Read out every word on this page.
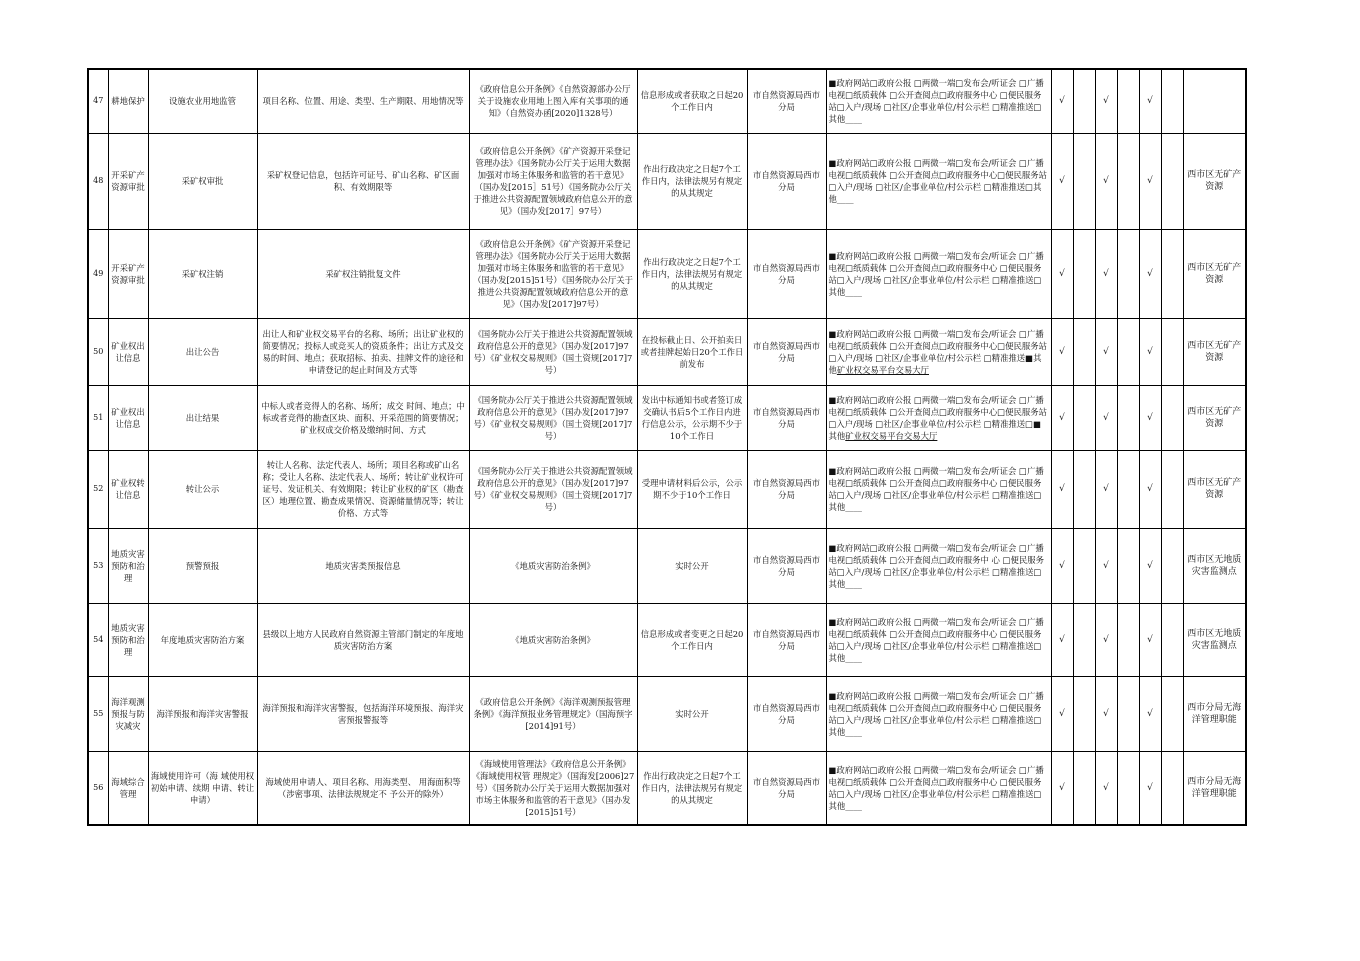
47	耕地保护	设施农业用地监管	项目名称、位置、用途、类型、生产期限、用地情况等	《政府信息公开条例》《自然资源部办公厅关于设施农业用地上图入库有关事项的通知》（自然资办函[2020]1328号）	信息形成或者获取之日起20个工作日内	市自然资源局西市分局	■政府网站□政府公报 □两微一端□发布会/听证会 □广播电视□纸质载体 □公开查阅点□政府服务中心 □便民服务站□入户/现场 □社区/企事业单位/村公示栏 □精准推送□其他____	√		√		√		
48	开采矿产资源审批	采矿权审批	采矿权登记信息，包括许可证号、矿山名称、矿区面积、有效期限等	《政府信息公开条例》《矿产资源开采登记管理办法》《国务院办公厅关于运用大数据加强对市场主体服务和监管的若干意见》（国办发[2015］51号）《国务院办公厅关于推进公共资源配置领域政府信息公开的意见》（国办发[2017］97号）	作出行政决定之日起7个工作日内，法律法规另有规定的从其规定	市自然资源局西市分局	■政府网站□政府公报 □两微一端□发布会/听证会 □广播电视□纸质载体 □公开查阅点□政府服务中心□便民服务站□入户/现场 □社区/企事业单位/村公示栏 □精准推送□其他____	√		√		√		西市区无矿产资源
49	开采矿产资源审批	采矿权注销	采矿权注销批复文件	《政府信息公开条例》《矿产资源开采登记管理办法》《国务院办公厅关于运用大数据加强对市场主体服务和监管的若干意见》（国办发[2015]51号）《国务院办公厅关于推进公共资源配置领域政府信息公开的意见》（国办发[2017]97号）	作出行政决定之日起7个工作日内，法律法规另有规定的从其规定	市自然资源局西市分局	■政府网站□政府公报 □两微一端□发布会/听证会 □广播电视□纸质载体 □公开查阅点□政府服务中心 □便民服务站□入户/现场 □社区/企事业单位/村公示栏 □精准推送□其他____	√		√		√		西市区无矿产资源
50	矿业权出让信息	出让公告	出让人和矿业权交易平台的名称、场所；出让矿业权的简要情况；投标人或竞买人的资质条件；出让方式及交易的时间、地点；获取招标、拍卖、挂牌文件的途径和申请登记的起止时间及方式等	《国务院办公厅关于推进公共资源配置领域政府信息公开的意见》（国办发[2017]97号）《矿业权交易规则》（国土资规[2017]7号）	在投标截止日、公开拍卖日或者挂牌起始日20个工作日前发布	市自然资源局西市分局	■政府网站□政府公报 □两微一端□发布会/听证会 □广播电视□纸质载体 □公开查阅点□政府服务中心□便民服务站□入户/现场 □社区/企事业单位/村公示栏 □精准推送■其他矿业权交易平台交易大厅	√		√		√		西市区无矿产资源
51	矿业权出让信息	出让结果	中标人或者竞得人的名称、场所；成交 时间、地点；中标或者竞得的勘查区块、面积、开采范围的简要情况；矿业权成交价格及缴纳时间、方式	《国务院办公厅关于推进公共资源配置领域政府信息公开的意见》（国办发[2017]97号）《矿业权交易规则》（国土资规[2017]7号）	发出中标通知书或者签订成交确认书后5个工作日内进行信息公示，公示期不少于10个工作日	市自然资源局西市分局	■政府网站□政府公报 □两微一端□发布会/听证会 □广播电视□纸质载体 □公开查阅点□政府服务中心□便民服务站□入户/现场 □社区/企事业单位/村公示栏 □精准推送□■其他矿业权交易平台交易大厅	√		√		√		西市区无矿产资源
52	矿业权转让信息	转让公示	转让人名称、法定代表人、场所；项目名称或矿山名称；受让人名称、法定代表人、场所；转让矿业权许可证号、发证机关、有效期限；转让矿业权的矿区（勘查区）地理位置、勘查成果情况、资源储量情况等；转让价格、方式等	《国务院办公厅关于推进公共资源配置领域政府信息公开的意见》（国办发[2017]97号）《矿业权交易规则》（国土资规[2017]7号）	受理申请材料后公示，公示期不少于10个工作日	市自然资源局西市分局	■政府网站□政府公报 □两微一端□发布会/听证会 □广播电视□纸质载体 □公开查阅点□政府服务中心 □便民服务站□入户/现场 □社区/企事业单位/村公示栏 □精准推送□其他____	√		√		√		西市区无矿产资源
53	地质灾害预防和治理	预警预报	地质灾害类预报信息	《地质灾害防治条例》	实时公开	市自然资源局西市分局	■政府网站□政府公报 □两微一端□发布会/听证会 □广播电视□纸质载体 □公开查阅点□政府服务中 心 □便民服务站□入户/现场 □社区/企事业单位/村公示栏 □精准推送□其他____	√		√		√		西市区无地质灾害监测点
54	地质灾害预防和治理	年度地质灾害防治方案	县级以上地方人民政府自然资源主管部门制定的年度地质灾害防治方案	《地质灾害防治条例》	信息形成或者变更之日起20个工作日内	市自然资源局西市分局	■政府网站□政府公报 □两微一端□发布会/听证会 □广播电视□纸质载体 □公开查阅点□政府服务中心 □便民服务站□入户/现场 □社区/企事业单位/村公示栏 □精准推送□其他____	√		√		√		西市区无地质灾害监测点
55	海洋观测预报与防灾减灾	海洋预报和海洋灾害警报	海洋预报和海洋灾害警报，包括海洋环境预报、海洋灾害预报警报等	《政府信息公开条例》《海洋观测预报管理条例》《海洋预报业务管理规定》（国海预字[2014]91号）	实时公开	市自然资源局西市分局	■政府网站□政府公报 □两微一端□发布会/听证会 □广播电视□纸质载体 □公开查阅点□政府服务中心 □便民服务站□入户/现场 □社区/企事业单位/村公示栏 □精准推送□其他____	√		√		√		西市分局无海洋管理职能
56	海域综合管理	海域使用许可（海 域使用权初始申请、续期 申请、转让申请）	海域使用申请人、项目名称、用海类型、 用海面积等（涉密事项、法律法规规定不 予公开的除外）	《海域使用管理法》《政府信息公开条例》《海域使用权管 理规定》（国海发[2006]27号）《国务院办公厅关于运用大数据加强对市场主体服务和监管的若干意见》（国办发[2015]51号）	作出行政决定之日起7个工作日内，法律法规另有规定的从其规定	市自然资源局西市分局	■政府网站□政府公报 □两微一端□发布会/听证会 □广播电视□纸质载体 □公开查阅点□政府服务中心 □便民服务站□入户/现场 □社区/企事业单位/村公示栏 □精准推送□其他____	√		√		√		西市分局无海洋管理职能
